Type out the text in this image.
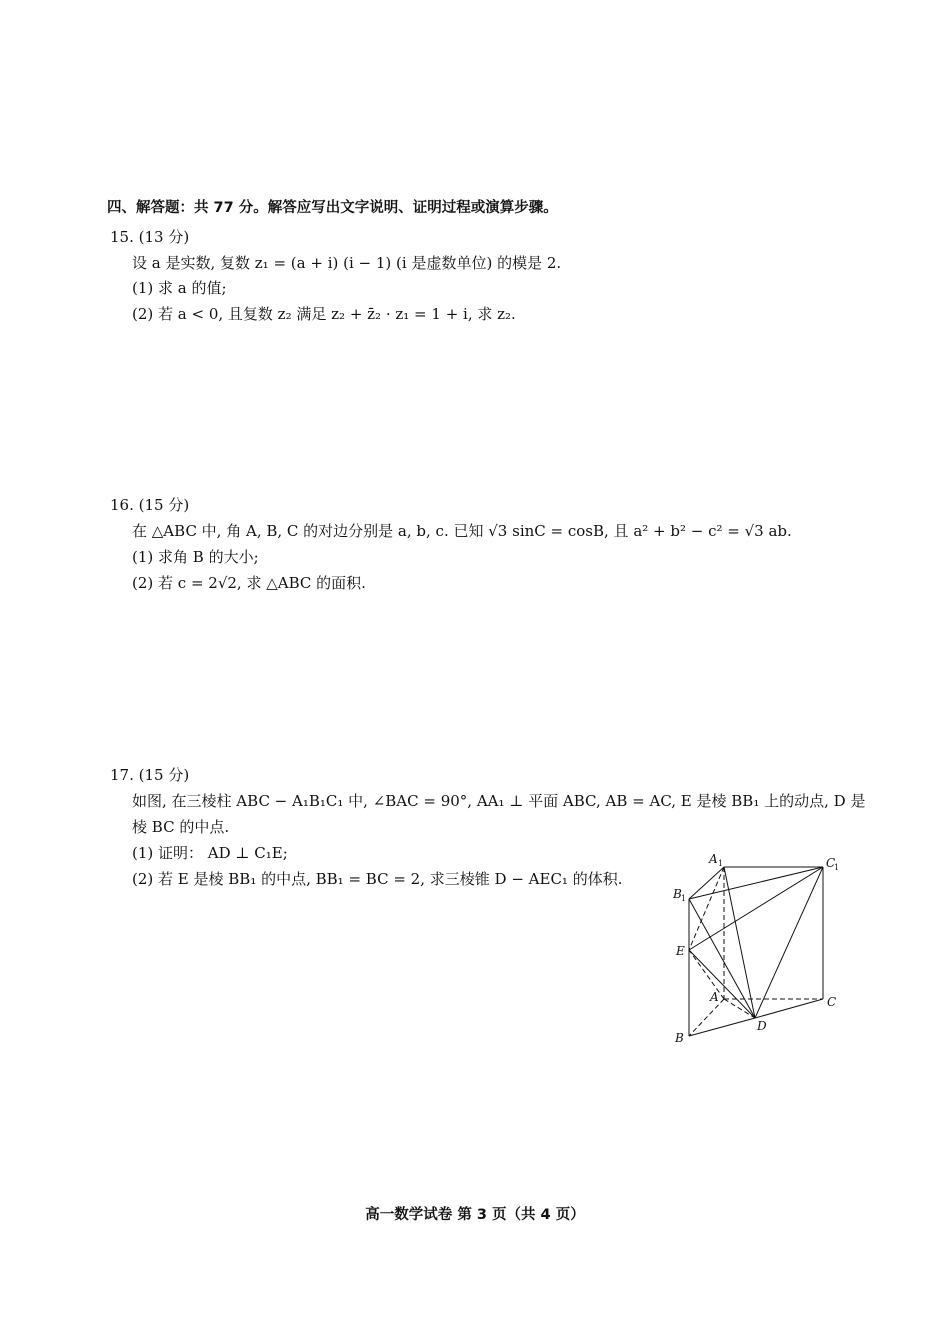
四、解答题：共 77 分。解答应写出文字说明、证明过程或演算步骤。
15. (13 分)
设 a 是实数, 复数 z₁ = (a + i) (i − 1) (i 是虚数单位) 的模是 2.
(1) 求 a 的值;
(2) 若 a < 0, 且复数 z₂ 满足 z₂ + z̄₂ · z₁ = 1 + i, 求 z₂.
16. (15 分)
在 △ABC 中, 角 A, B, C 的对边分别是 a, b, c. 已知 √3 sinC = cosB, 且 a² + b² − c² = √3 ab.
(1) 求角 B 的大小;
(2) 若 c = 2√2, 求 △ABC 的面积.
17. (15 分)
如图, 在三棱柱 ABC − A₁B₁C₁ 中, ∠BAC = 90°, AA₁ ⊥ 平面 ABC, AB = AC, E 是棱 BB₁ 上的动点, D 是
棱 BC 的中点.
(1) 证明： AD ⊥ C₁E;
(2) 若 E 是棱 BB₁ 的中点, BB₁ = BC = 2, 求三棱锥 D − AEC₁ 的体积.
A 1	C
1
B 1
E
A	C
B
D
高一数学试卷 第 3 页（共 4 页）
